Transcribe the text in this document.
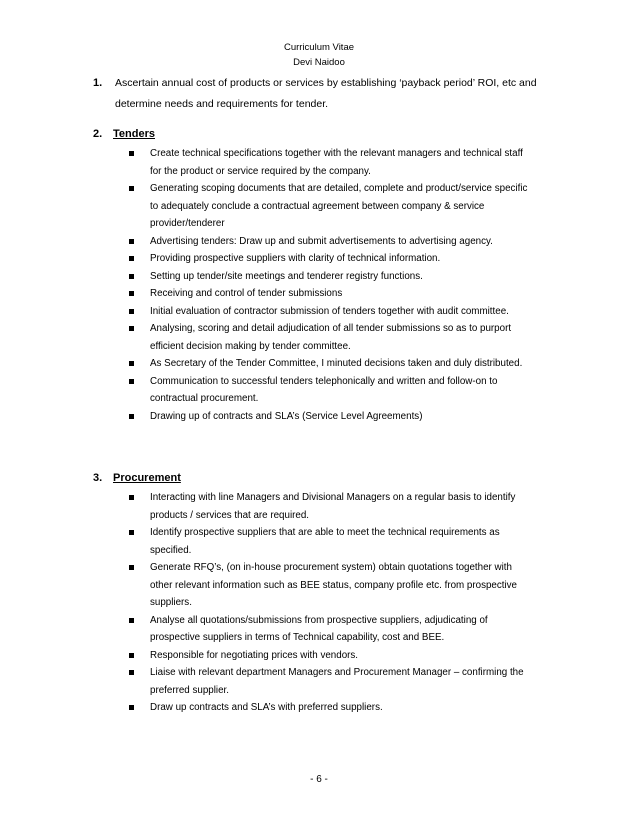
Curriculum Vitae
Devi Naidoo
1. Ascertain annual cost of products or services by establishing ‘payback period’ ROI, etc and determine needs and requirements for tender.
2. Tenders
Create technical specifications together with the relevant managers and technical staff for the product or service required by the company.
Generating scoping documents that are detailed, complete and product/service specific to adequately conclude a contractual agreement between company & service provider/tenderer
Advertising tenders: Draw up and submit advertisements to advertising agency.
Providing prospective suppliers with clarity of technical information.
Setting up tender/site meetings and tenderer registry functions.
Receiving and control of tender submissions
Initial evaluation of contractor submission of tenders together with audit committee.
Analysing, scoring and detail adjudication of all tender submissions so as to purport efficient decision making by tender committee.
As Secretary of the Tender Committee, I minuted decisions taken and duly distributed.
Communication to successful tenders telephonically and written and follow-on to contractual procurement.
Drawing up of contracts and SLA’s (Service Level Agreements)
3. Procurement
Interacting with line Managers and Divisional Managers on a regular basis to identify products / services that are required.
Identify prospective suppliers that are able to meet the technical requirements as specified.
Generate RFQ’s, (on in-house procurement system) obtain quotations together with other relevant information such as BEE status, company profile etc. from prospective suppliers.
Analyse all quotations/submissions from prospective suppliers, adjudicating of prospective suppliers in terms of Technical capability, cost and BEE.
Responsible for negotiating prices with vendors.
Liaise with relevant department Managers and Procurement Manager – confirming the preferred supplier.
Draw up contracts and SLA’s with preferred suppliers.
- 6 -
